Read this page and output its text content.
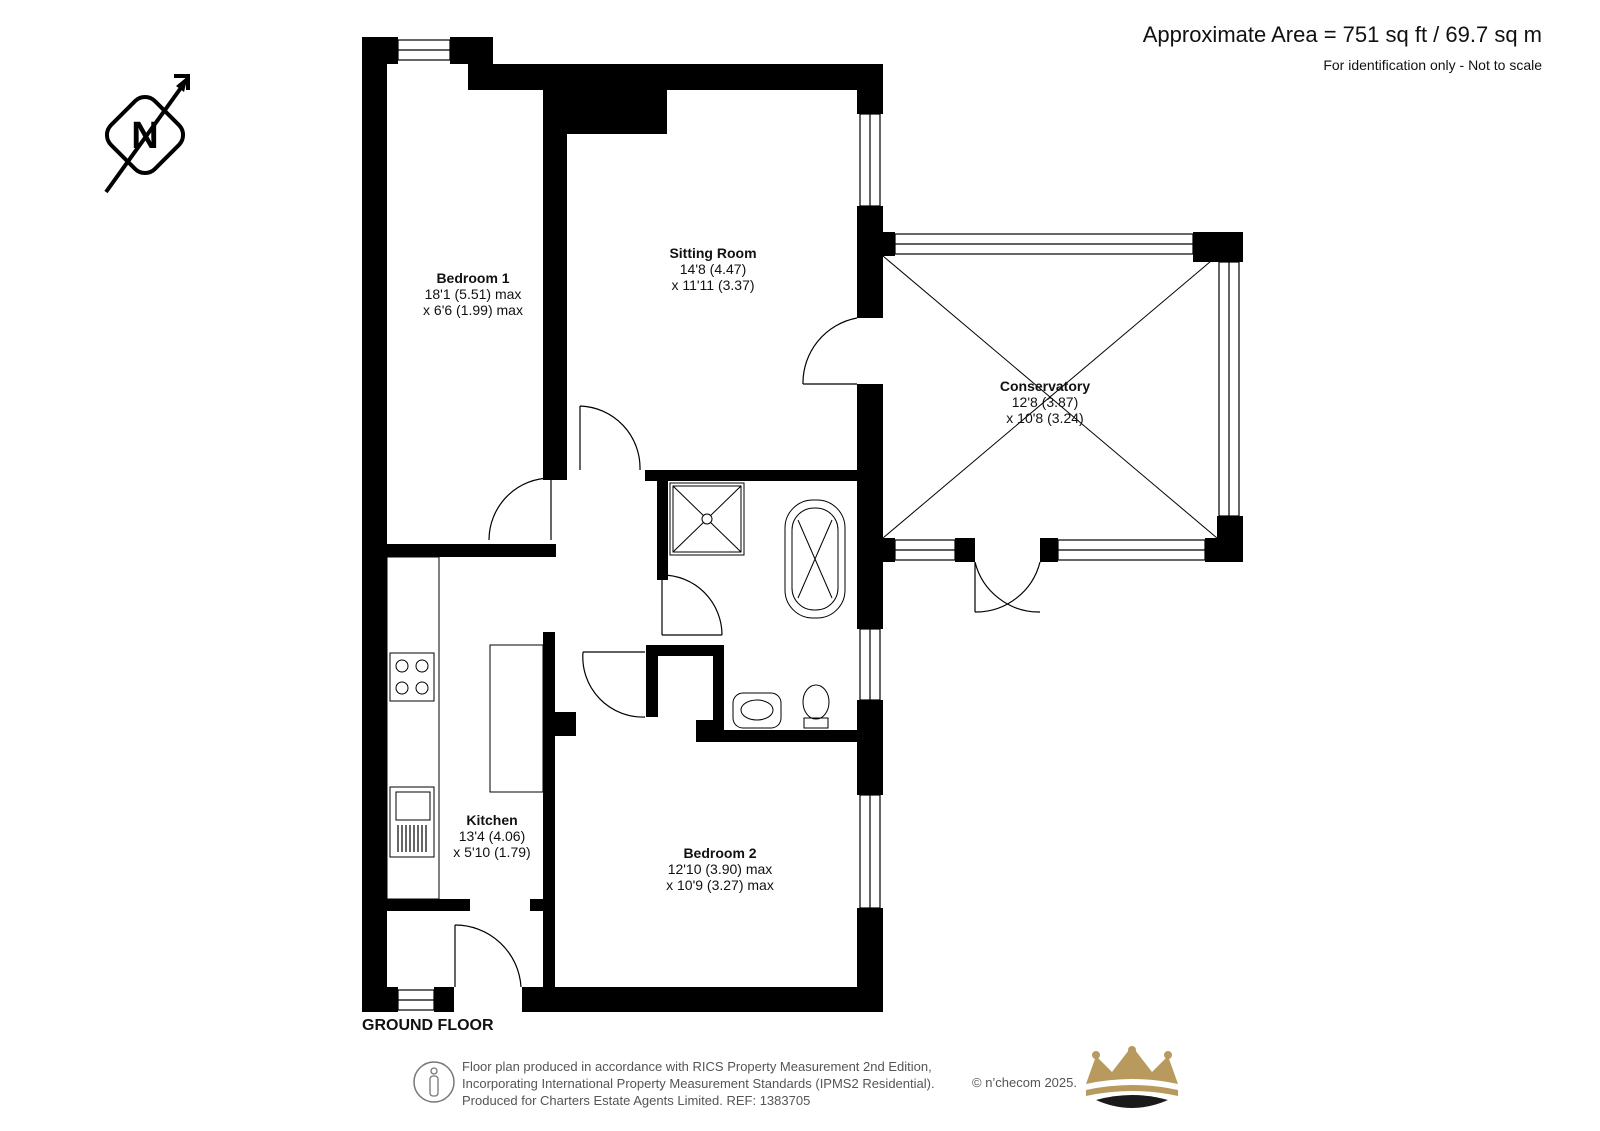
N
Approximate Area = 751 sq ft / 69.7 sq m
For identification only - Not to scale
Bedroom 1
18'1 (5.51) max
x 6'6 (1.99) max
Sitting Room
14'8 (4.47)
x 11'11 (3.37)
Conservatory
12'8 (3.87)
x 10'8 (3.24)
Kitchen
13'4 (4.06)
x 5'10 (1.79)	Bedroom 2
12'10 (3.90) max
x 10'9 (3.27) max
GROUND FLOOR
Floor plan produced in accordance with RICS Property Measurement 2nd Edition,
Incorporating International Property Measurement Standards (IPMS2 Residential).
Produced for Charters Estate Agents Limited. REF: 1383705
© n’checom 2025.
